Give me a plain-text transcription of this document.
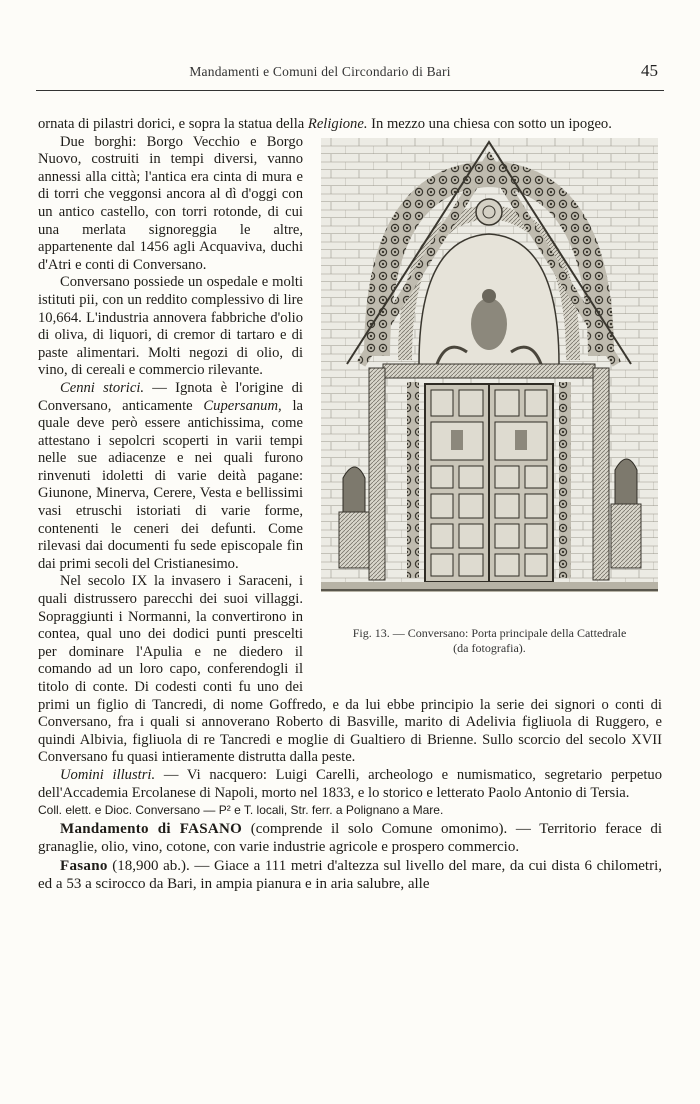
Mandamenti e Comuni del Circondario di Bari	45

ornata di pilastri dorici, e sopra la statua della Religione. In mezzo una chiesa con sotto un ipogeo.

Fig. 13. — Conversano: Porta principale della Cattedrale
(da fotografia).

Due borghi: Borgo Vecchio e Borgo Nuovo, costruiti in tempi diversi, vanno annessi alla città; l'antica era cinta di mura e di torri che veggonsi ancora al dì d'oggi con un antico castello, con torri rotonde, di cui una merlata signoreggia le altre, appartenente dal 1456 agli Acquaviva, duchi d'Atri e conti di Conversano.

Conversano possiede un ospedale e molti istituti pii, con un reddito complessivo di lire 10,664. L'industria annovera fabbriche d'olio di oliva, di liquori, di cremor di tartaro e di paste alimentari. Molti negozi di olio, di vino, di cereali e commercio rilevante.

Cenni storici. — Ignota è l'origine di Conversano, anticamente Cupersanum, la quale deve però essere antichissima, come attestano i sepolcri scoperti in varii tempi nelle sue adiacenze e nei quali furono rinvenuti idoletti di varie deità pagane: Giunone, Minerva, Cerere, Vesta e bellissimi vasi etruschi istoriati di varie forme, contenenti le ceneri dei defunti. Come rilevasi dai documenti fu sede episcopale fin dai primi secoli del Cristianesimo.

Nel secolo IX la invasero i Saraceni, i quali distrussero parecchi dei suoi villaggi. Sopraggiunti i Normanni, la convertirono in contea, qual uno dei dodici punti prescelti per dominare l'Apulia e ne diedero il comando ad un loro capo, conferendogli il titolo di conte. Di codesti conti fu uno dei primi un figlio di Tancredi, di nome Goffredo, e da lui ebbe principio la serie dei signori o conti di Conversano, fra i quali si annoverano Roberto di Basville, marito di Adelivia figliuola di Ruggero, e quindi Albivia, figliuola di re Tancredi e moglie di Gualtiero di Brienne. Sullo scorcio del secolo XVII Conversano fu quasi intieramente distrutta dalla peste.

Uomini illustri. — Vi nacquero: Luigi Carelli, archeologo e numismatico, segretario perpetuo dell'Accademia Ercolanese di Napoli, morto nel 1833, e lo storico e letterato Paolo Antonio di Tersia.

Coll. elett. e Dioc. Conversano — P² e T. locali, Str. ferr. a Polignano a Mare.

Mandamento di FASANO (comprende il solo Comune omonimo). — Territorio ferace di granaglie, olio, vino, cotone, con varie industrie agricole e prospero commercio.

Fasano (18,900 ab.). — Giace a 111 metri d'altezza sul livello del mare, da cui dista 6 chilometri, ed a 53 a scirocco da Bari, in ampia pianura e in aria salubre, alle
